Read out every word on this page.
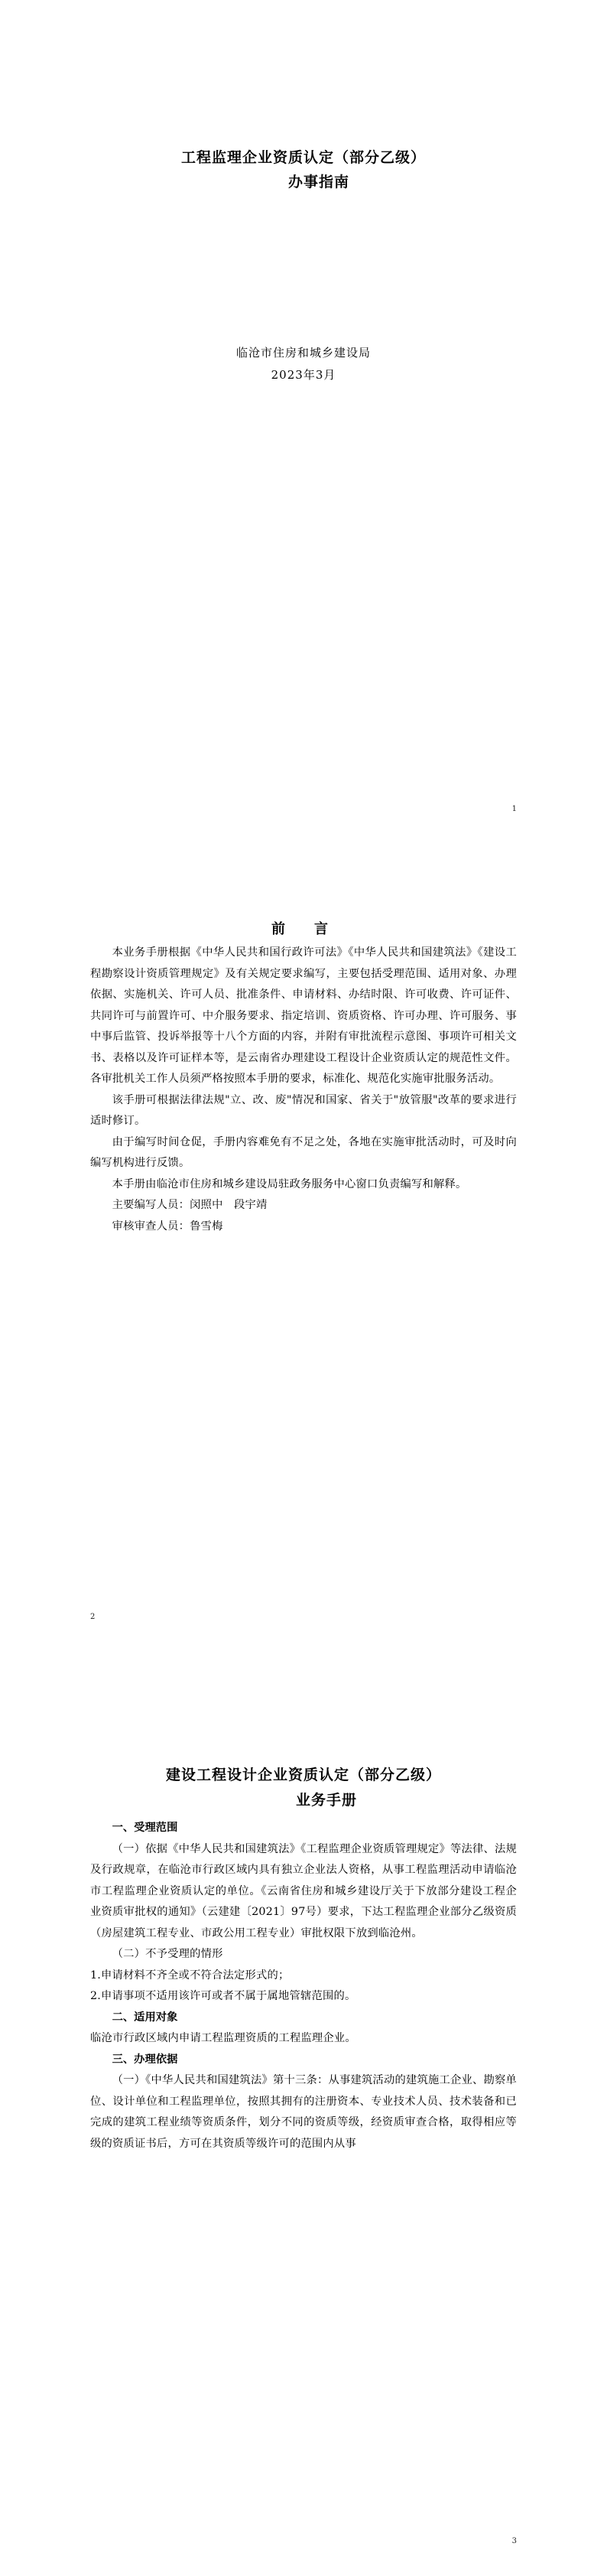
工程监理企业资质认定（部分乙级）
办事指南
临沧市住房和城乡建设局
2023年3月
1
前　言

本业务手册根据《中华人民共和国行政许可法》《中华人民共和国建筑法》《建设工程勘察设计资质管理规定》及有关规定要求编写，主要包括受理范围、适用对象、办理依据、实施机关、许可人员、批准条件、申请材料、办结时限、许可收费、许可证件、共同许可与前置许可、中介服务要求、指定培训、资质资格、许可办理、许可服务、事中事后监管、投诉举报等十八个方面的内容，并附有审批流程示意图、事项许可相关文书、表格以及许可证样本等，是云南省办理建设工程设计企业资质认定的规范性文件。各审批机关工作人员须严格按照本手册的要求，标准化、规范化实施审批服务活动。

该手册可根据法律法规"立、改、废"情况和国家、省关于"放管服"改革的要求进行适时修订。

由于编写时间仓促，手册内容难免有不足之处，各地在实施审批活动时，可及时向编写机构进行反馈。

本手册由临沧市住房和城乡建设局驻政务服务中心窗口负责编写和解释。

主要编写人员：闵照中　段宇靖

审核审查人员：鲁雪梅

2
建设工程设计企业资质认定（部分乙级）
业务手册

一、受理范围

（一）依据《中华人民共和国建筑法》《工程监理企业资质管理规定》等法律、法规及行政规章，在临沧市行政区域内具有独立企业法人资格，从事工程监理活动申请临沧市工程监理企业资质认定的单位。《云南省住房和城乡建设厅关于下放部分建设工程企业资质审批权的通知》（云建建〔2021〕97号）要求，下达工程监理企业部分乙级资质（房屋建筑工程专业、市政公用工程专业）审批权限下放到临沧州。

（二）不予受理的情形

1.申请材料不齐全或不符合法定形式的；

2.申请事项不适用该许可或者不属于属地管辖范围的。

二、适用对象

临沧市行政区域内申请工程监理资质的工程监理企业。

三、办理依据

（一）《中华人民共和国建筑法》第十三条：从事建筑活动的建筑施工企业、勘察单位、设计单位和工程监理单位，按照其拥有的注册资本、专业技术人员、技术装备和已完成的建筑工程业绩等资质条件，划分不同的资质等级，经资质审查合格，取得相应等级的资质证书后，方可在其资质等级许可的范围内从事

3
